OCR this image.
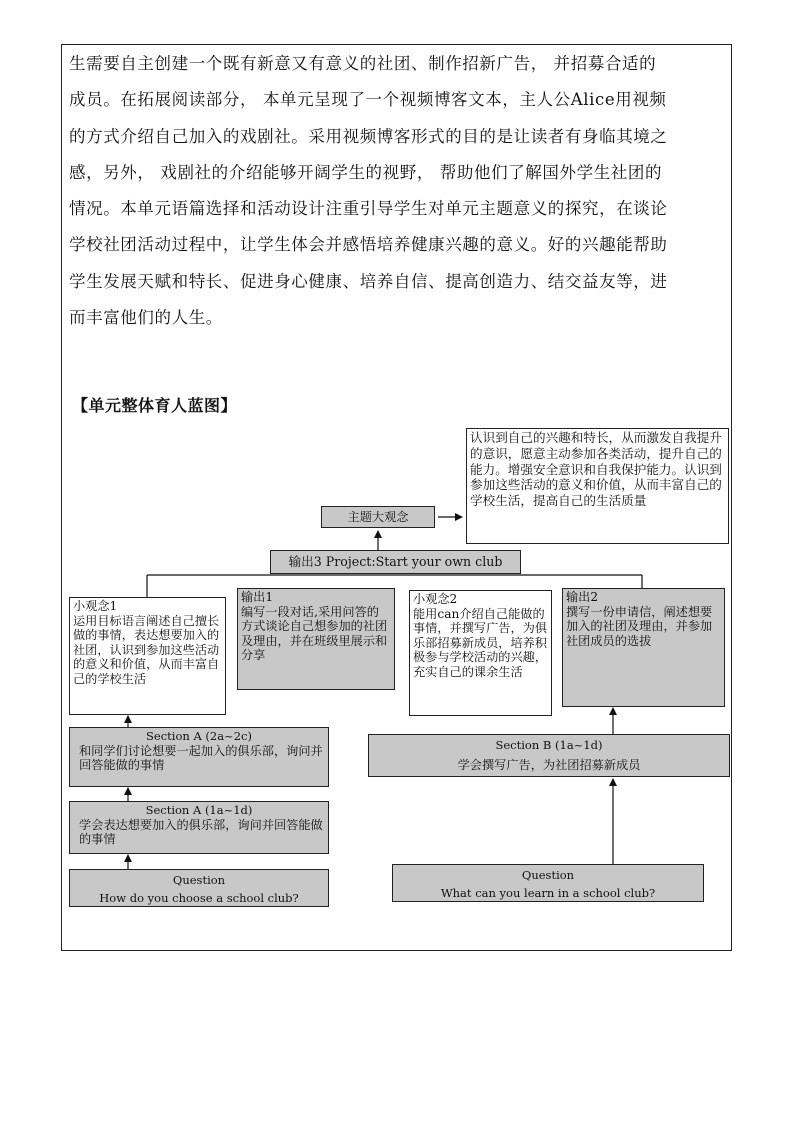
生需要自主创建一个既有新意又有意义的社团、制作招新广告， 并招募合适的
成员。在拓展阅读部分， 本单元呈现了一个视频博客文本，主人公Alice用视频
的方式介绍自己加入的戏剧社。采用视频博客形式的目的是让读者有身临其境之
感，另外， 戏剧社的介绍能够开阔学生的视野， 帮助他们了解国外学生社团的
情况。本单元语篇选择和活动设计注重引导学生对单元主题意义的探究，在谈论
学校社团活动过程中，让学生体会并感悟培养健康兴趣的意义。好的兴趣能帮助
学生发展天赋和特长、促进身心健康、培养自信、提高创造力、结交益友等，进
而丰富他们的人生。
【单元整体育人蓝图】

认识到自己的兴趣和特长，从而激发自我提升的意识，愿意主动参加各类活动，提升自己的能力。增强安全意识和自我保护能力。认识到参加这些活动的意义和价值，从而丰富自己的学校生活，提高自己的生活质量

主题大观念

输出3 Project:Start your own club

小观念1

运用目标语言阐述自己擅长做的事情，表达想要加入的社团，认识到参加这些活动的意义和价值，从而丰富自己的学校生活

输出1

编写一段对话,采用问答的方式谈论自己想参加的社团及理由，并在班级里展示和分享

小观念2

能用can介绍自己能做的事情，并撰写广告，为俱乐部招募新成员，培养积极参与学校活动的兴趣，充实自己的课余生活

输出2

撰写一份申请信，阐述想要加入的社团及理由，并参加社团成员的选拔

Section A (2a~2c)

和同学们讨论想要一起加入的俱乐部，询问并回答能做的事情

Section A (1a~1d)

学会表达想要加入的俱乐部，询问并回答能做的事情

Question

How do you choose a school club?

Section B (1a~1d)

学会撰写广告，为社团招募新成员

Question

What can you learn in a school club?
